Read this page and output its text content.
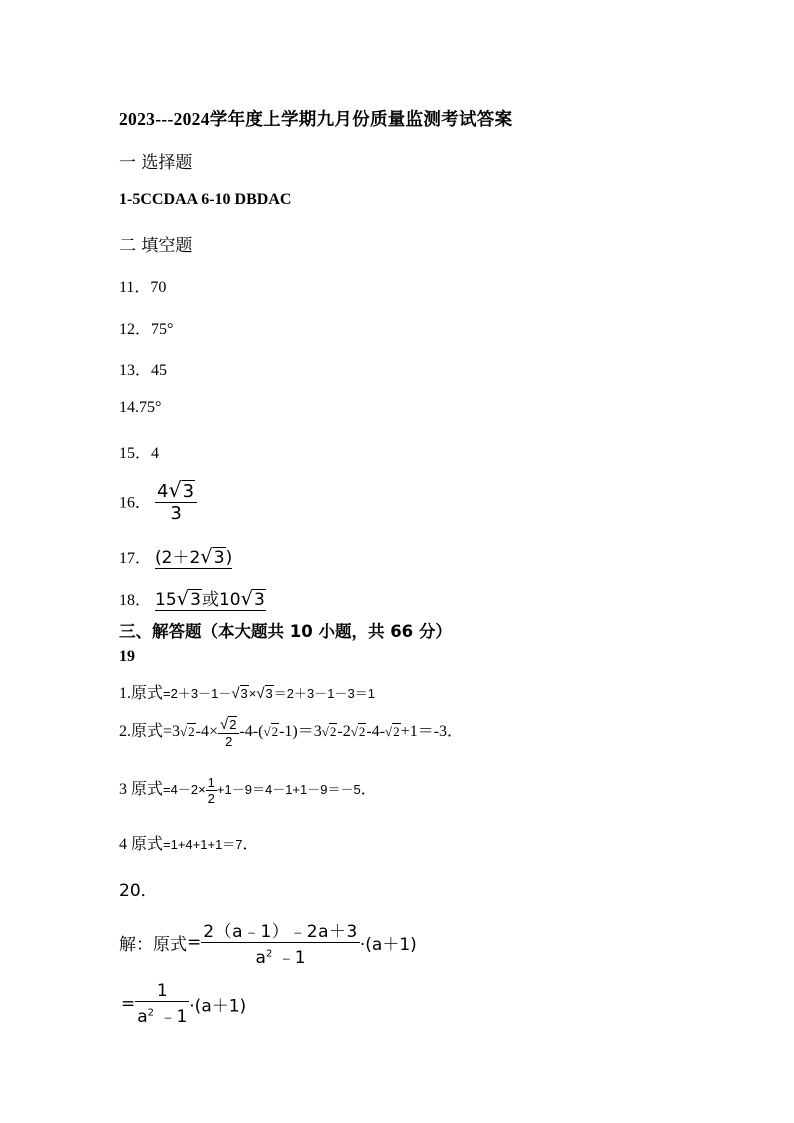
2023---2024学年度上学期九月份质量监测考试答案
一 选择题
1-5CCDAA 6-10 DBDAC
二 填空题
11．70
12．75°
13．45
14.75°
15．4
16． $\frac{4√3}{3}$
17． (2＋2√3)
18． 15√3或10√3
三、解答题（本大题共 10 小题，共 66 分）
19
1.原式=2＋3－1－√3×√3＝2＋3－1－3＝1
2.原式$=3√2-4\times \frac{√2}{2} -4-(√2-1)=3√2-2√2-4-√2+1=-3$．
3 原式$=4-2\times \frac{1}{2} +1-9=4-1+1-9=-5$．
4 原式=1+4+1+1＝7．
20．
解：原式= $\frac{2(a﹣1)﹣2a+3}{a^2 ﹣1} \cdot(a+1)$
= $\frac{1}{a^2 ﹣1} \cdot(a+1)$
